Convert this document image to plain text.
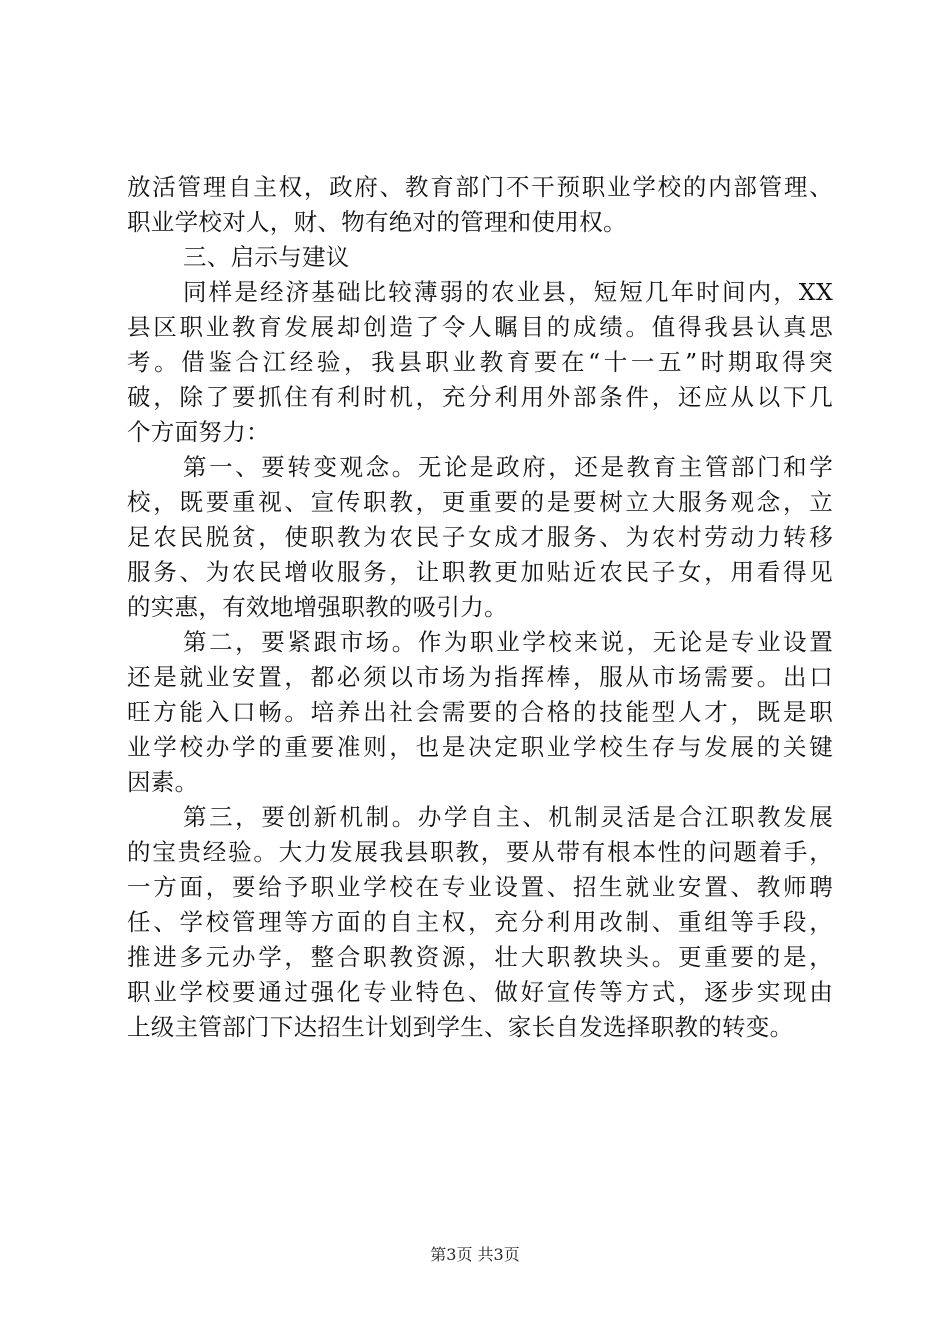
放活管理自主权，政府、教育部门不干预职业学校的内部管理、
职业学校对人，财、物有绝对的管理和使用权。
三、启示与建议
同样是经济基础比较薄弱的农业县，短短几年时间内，XX
县区职业教育发展却创造了令人瞩目的成绩。值得我县认真思
考。借鉴合江经验，我县职业教育要在“十一五”时期取得突
破，除了要抓住有利时机，充分利用外部条件，还应从以下几
个方面努力：
第一、要转变观念。无论是政府，还是教育主管部门和学
校，既要重视、宣传职教，更重要的是要树立大服务观念，立
足农民脱贫，使职教为农民子女成才服务、为农村劳动力转移
服务、为农民增收服务，让职教更加贴近农民子女，用看得见
的实惠，有效地增强职教的吸引力。
第二，要紧跟市场。作为职业学校来说，无论是专业设置
还是就业安置，都必须以市场为指挥棒，服从市场需要。出口
旺方能入口畅。培养出社会需要的合格的技能型人才，既是职
业学校办学的重要准则，也是决定职业学校生存与发展的关键
因素。
第三，要创新机制。办学自主、机制灵活是合江职教发展
的宝贵经验。大力发展我县职教，要从带有根本性的问题着手，
一方面，要给予职业学校在专业设置、招生就业安置、教师聘
任、学校管理等方面的自主权，充分利用改制、重组等手段，
推进多元办学，整合职教资源，壮大职教块头。更重要的是，
职业学校要通过强化专业特色、做好宣传等方式，逐步实现由
上级主管部门下达招生计划到学生、家长自发选择职教的转变。
第3页 共3页
